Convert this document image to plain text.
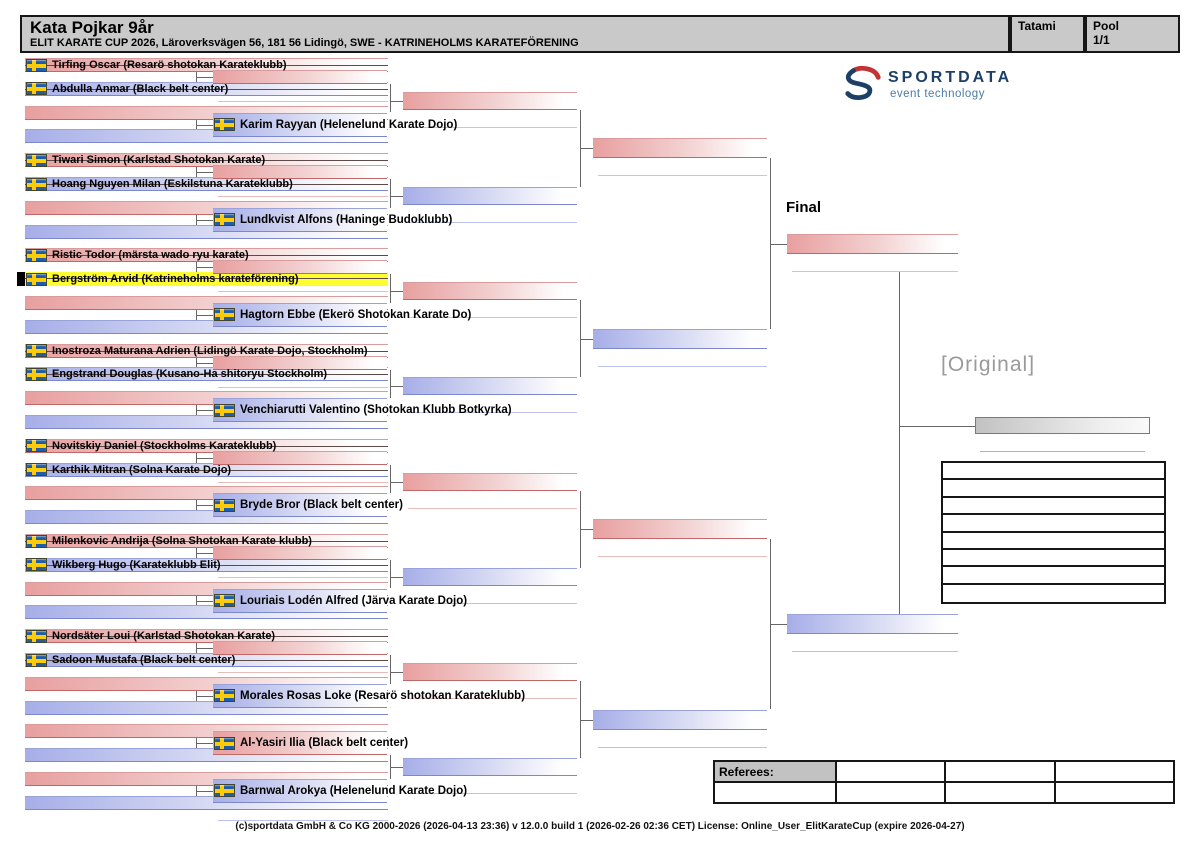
Kata Pojkar 9år
ELIT KARATE CUP 2026, Läroverksvägen 56, 181 56 Lidingö, SWE - KATRINEHOLMS KARATEFÖRENING
Tatami	Pool
1/1
SPORTDATA
event technology
Tirfing Oscar (Resarö shotokan Karateklubb)
Abdulla Anmar (Black belt center)
Tiwari Simon (Karlstad Shotokan Karate)
Hoang Nguyen Milan (Eskilstuna Karateklubb)
Ristic Todor (märsta wado ryu karate)
Bergström Arvid (Katrineholms karateförening)
Inostroza Maturana Adrien (Lidingö Karate Dojo, Stockholm)
Engstrand Douglas (Kusano-Ha shitoryu Stockholm)
Novitskiy Daniel (Stockholms Karateklubb)
Karthik Mitran (Solna Karate Dojo)
Milenkovic Andrija (Solna Shotokan Karate klubb)
Wikberg Hugo (Karateklubb Elit)
Nordsäter Loui (Karlstad Shotokan Karate)
Sadoon Mustafa (Black belt center)
Karim Rayyan (Helenelund Karate Dojo)
Lundkvist Alfons (Haninge Budoklubb)
Hagtorn Ebbe (Ekerö Shotokan Karate Do)
Venchiarutti Valentino (Shotokan Klubb Botkyrka)
Bryde Bror (Black belt center)
Louriais Lodén Alfred (Järva Karate Dojo)
Morales Rosas Loke (Resarö shotokan Karateklubb)
Al-Yasiri Ilia (Black belt center)
Barnwal Arokya (Helenelund Karate Dojo)
Final
[Original]
Referees:			

(c)sportdata GmbH & Co KG 2000-2026 (2026-04-13 23:36) v 12.0.0 build 1 (2026-02-26 02:36 CET) License: Online_User_ElitKarateCup (expire 2026-04-27)
